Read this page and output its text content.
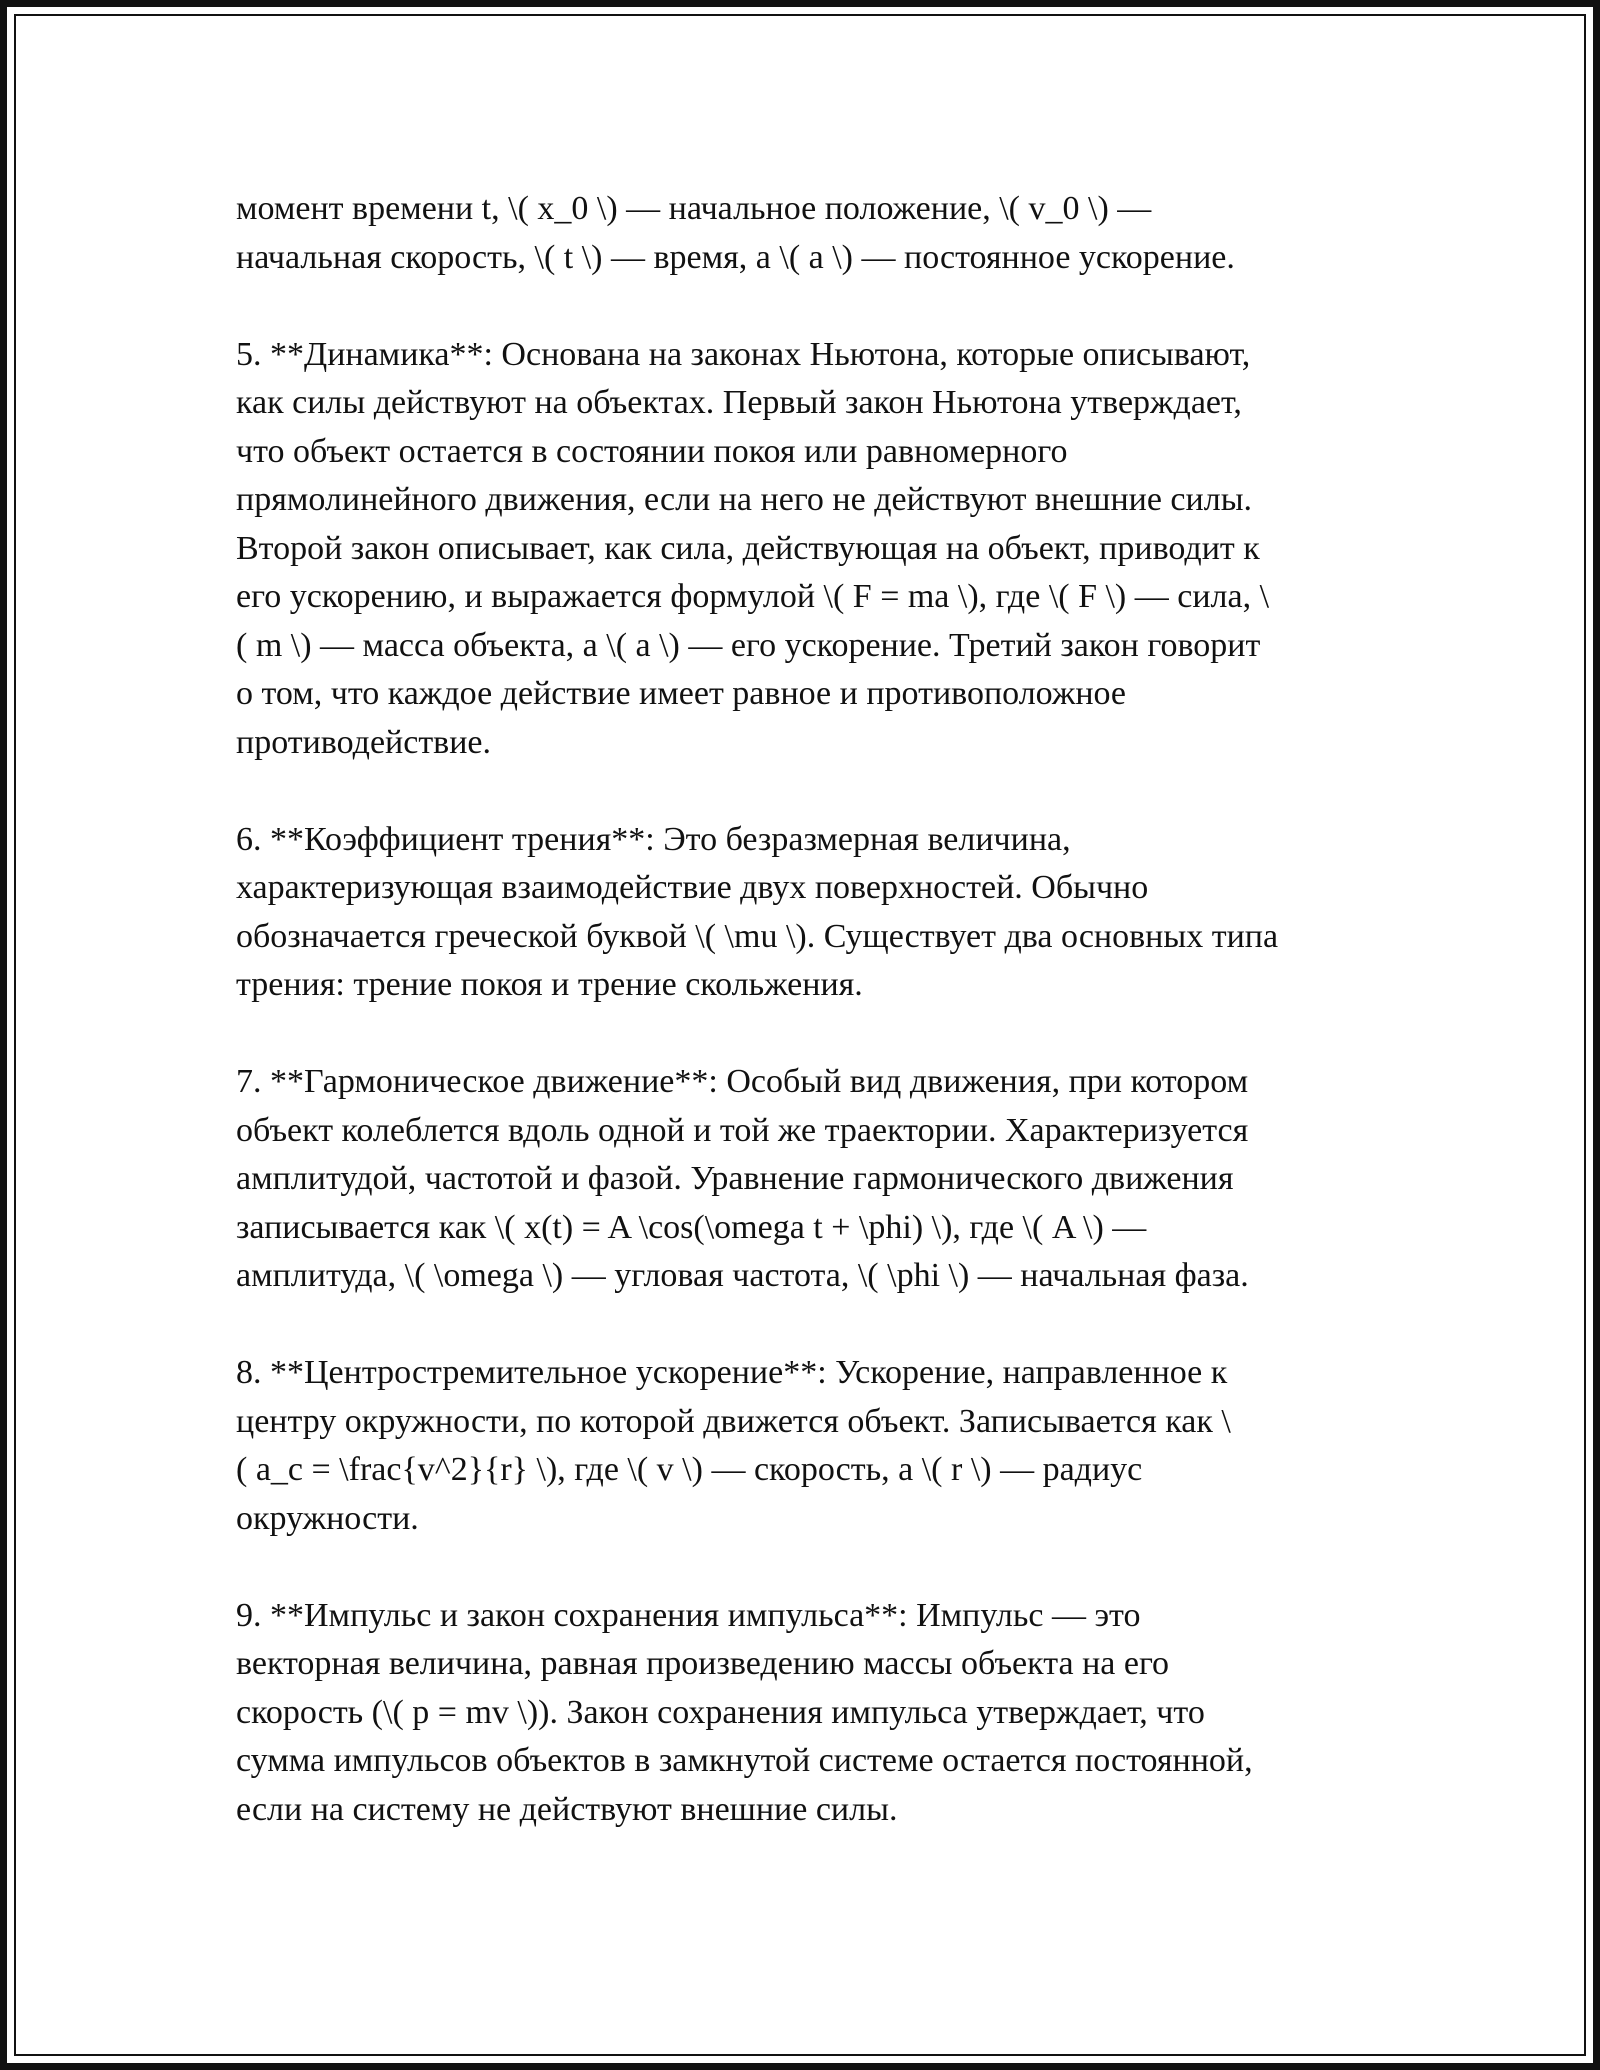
момент времени t, \( x_0 \) — начальное положение, \( v_0 \) —
начальная скорость, \( t \) — время, а \( a \) — постоянное ускорение.

5. **Динамика**: Основана на законах Ньютона, которые описывают,
как силы действуют на объектах. Первый закон Ньютона утверждает,
что объект остается в состоянии покоя или равномерного
прямолинейного движения, если на него не действуют внешние силы.
Второй закон описывает, как сила, действующая на объект, приводит к
его ускорению, и выражается формулой \( F = ma \), где \( F \) — сила, \
( m \) — масса объекта, а \( a \) — его ускорение. Третий закон говорит
о том, что каждое действие имеет равное и противоположное
противодействие.

6. **Коэффициент трения**: Это безразмерная величина,
характеризующая взаимодействие двух поверхностей. Обычно
обозначается греческой буквой \( \mu \). Существует два основных типа
трения: трение покоя и трение скольжения.

7. **Гармоническое движение**: Особый вид движения, при котором
объект колеблется вдоль одной и той же траектории. Характеризуется
амплитудой, частотой и фазой. Уравнение гармонического движения
записывается как \( x(t) = A \cos(\omega t + \phi) \), где \( A \) —
амплитуда, \( \omega \) — угловая частота, \( \phi \) — начальная фаза.

8. **Центростремительное ускорение**: Ускорение, направленное к
центру окружности, по которой движется объект. Записывается как \
( a_c = \frac{v^2}{r} \), где \( v \) — скорость, а \( r \) — радиус
окружности.

9. **Импульс и закон сохранения импульса**: Импульс — это
векторная величина, равная произведению массы объекта на его
скорость (\( p = mv \)). Закон сохранения импульса утверждает, что
сумма импульсов объектов в замкнутой системе остается постоянной,
если на систему не действуют внешние силы.
